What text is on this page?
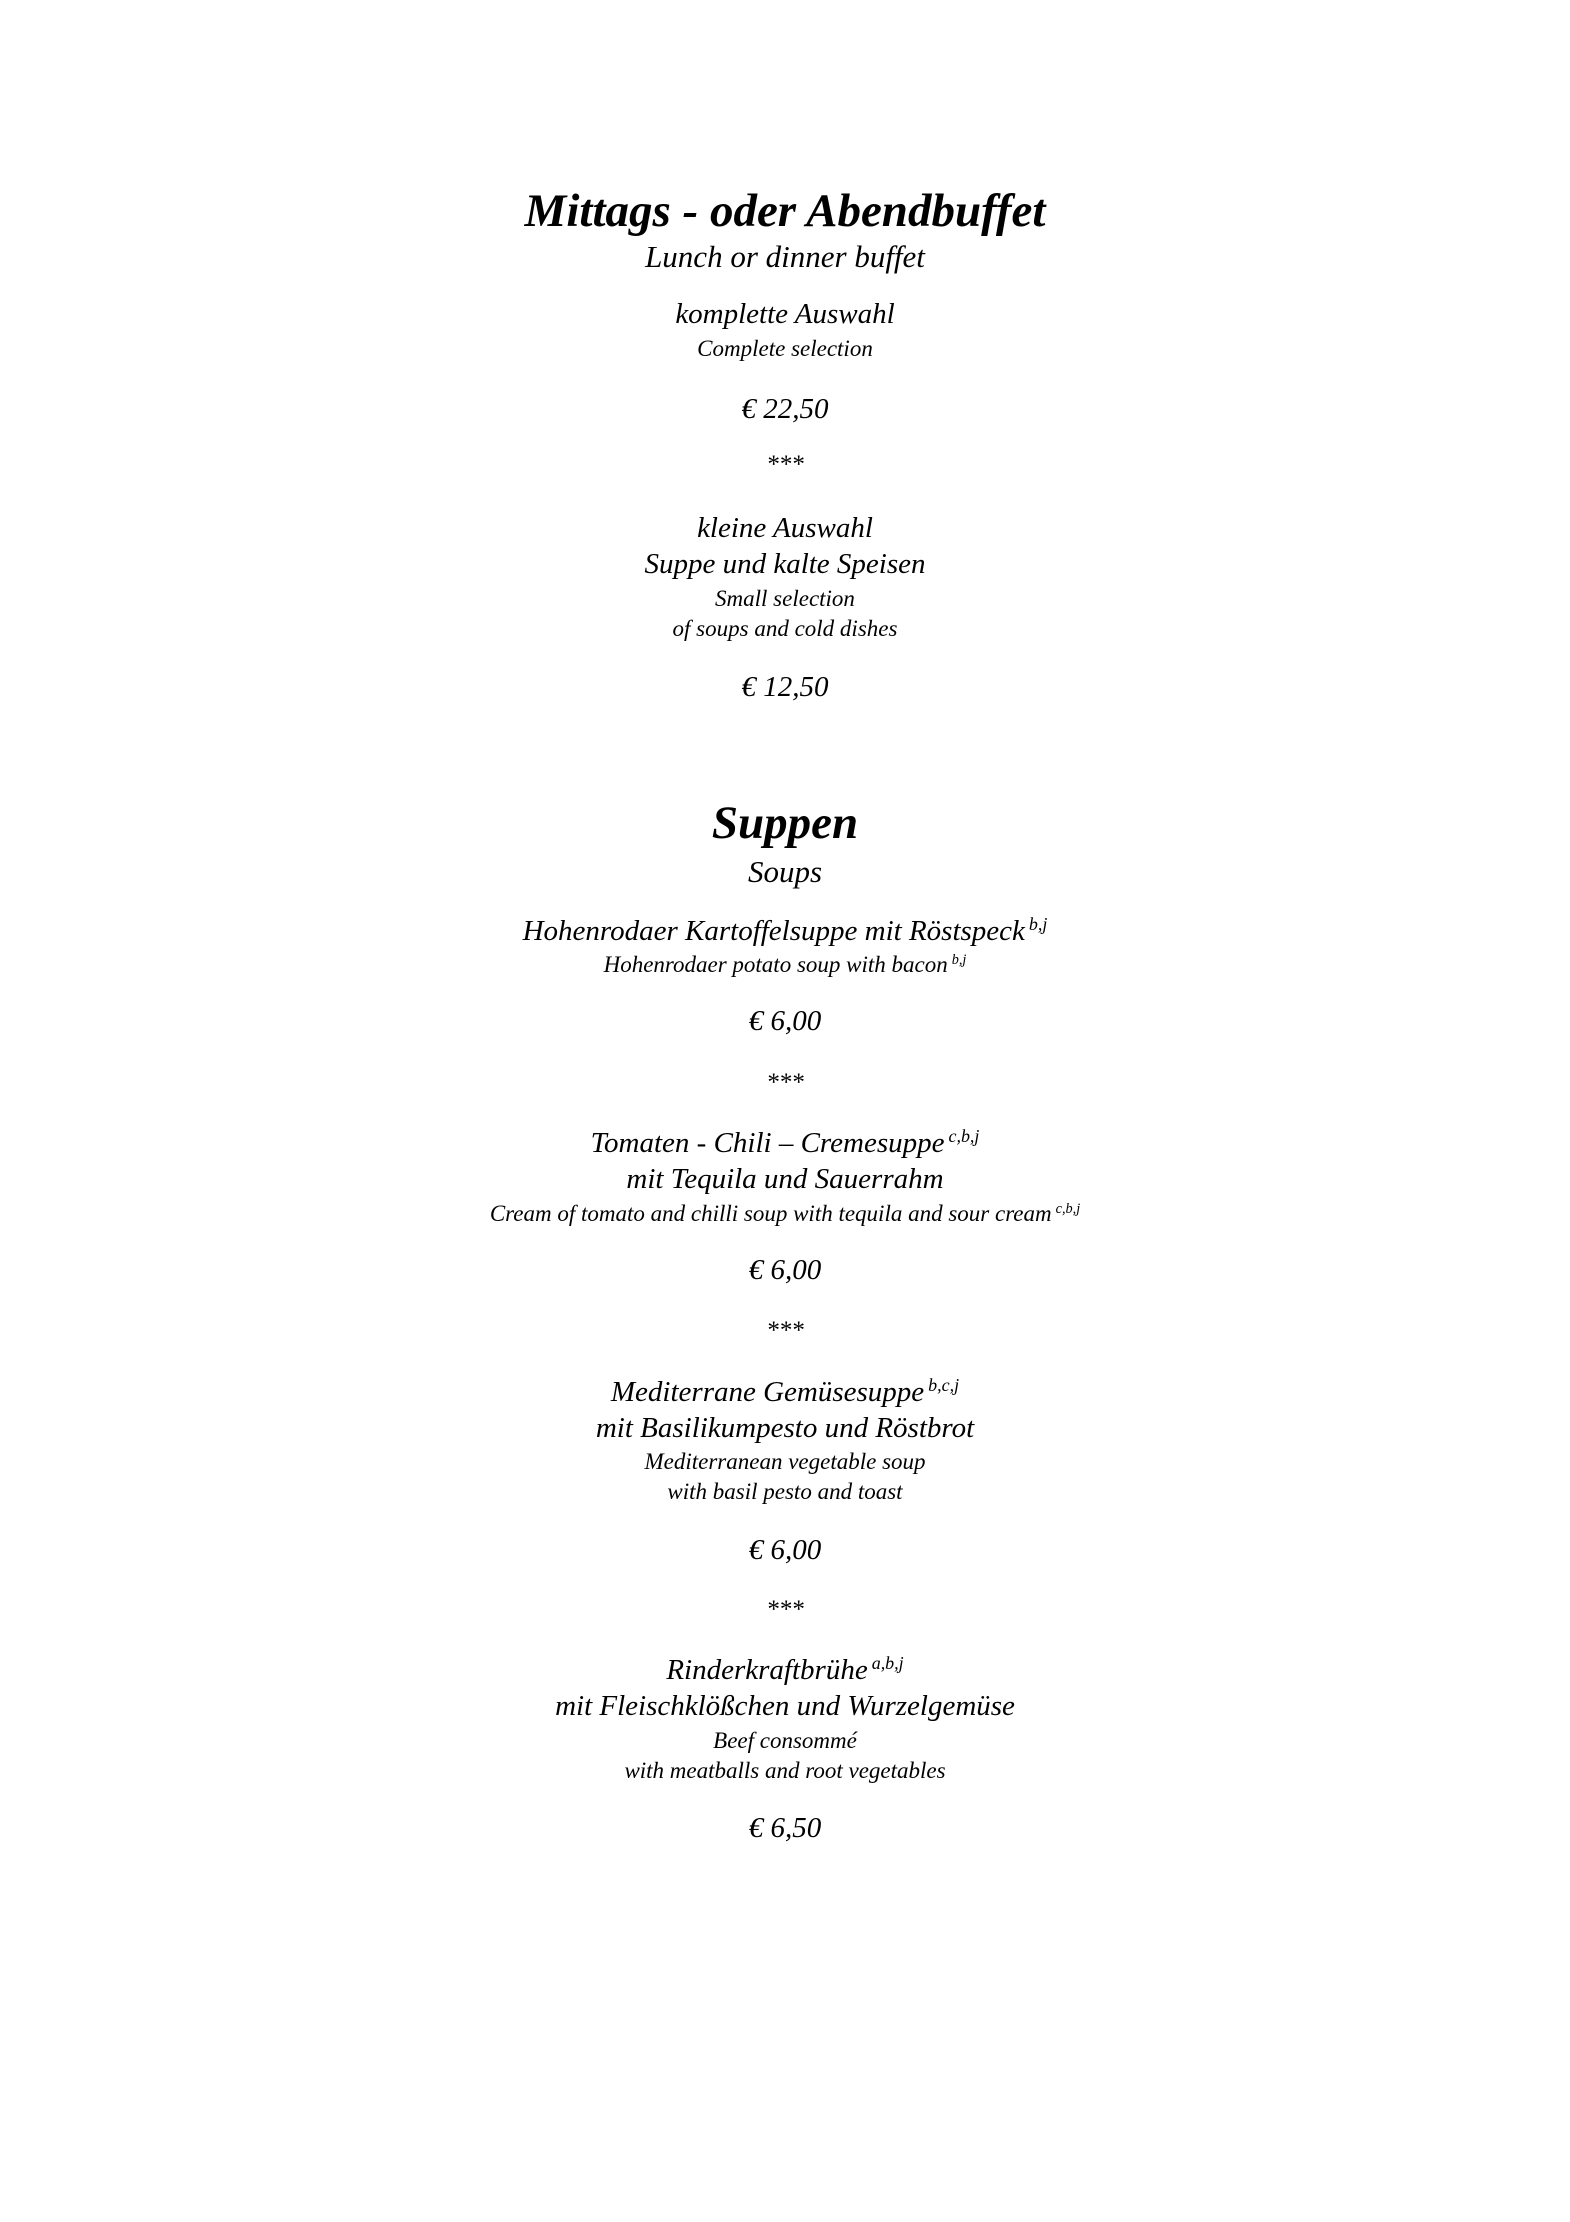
Mittags - oder Abendbuffet
Lunch or dinner buffet
komplette Auswahl
Complete selection
€ 22,50
***
kleine Auswahl
Suppe und kalte Speisen
Small selection
of soups and cold dishes
€ 12,50
Suppen
Soups
Hohenrodaer Kartoffelsuppe mit Röstspeck $^{b,j}$
Hohenrodaer potato soup with bacon $^{b,j}$
€ 6,00
***
Tomaten - Chili – Cremesuppe $^{c,b,j}$
mit Tequila und Sauerrahm
Cream of tomato and chilli soup with tequila and sour cream $^{c,b,j}$
€ 6,00
***
Mediterrane Gemüsesuppe $^{b,c,j}$
mit Basilikumpesto und Röstbrot
Mediterranean vegetable soup
with basil pesto and toast
€ 6,00
***
Rinderkraftbrühe $^{a,b,j}$
mit Fleischklößchen und Wurzelgemüse
Beef consommé
with meatballs and root vegetables
€ 6,50
